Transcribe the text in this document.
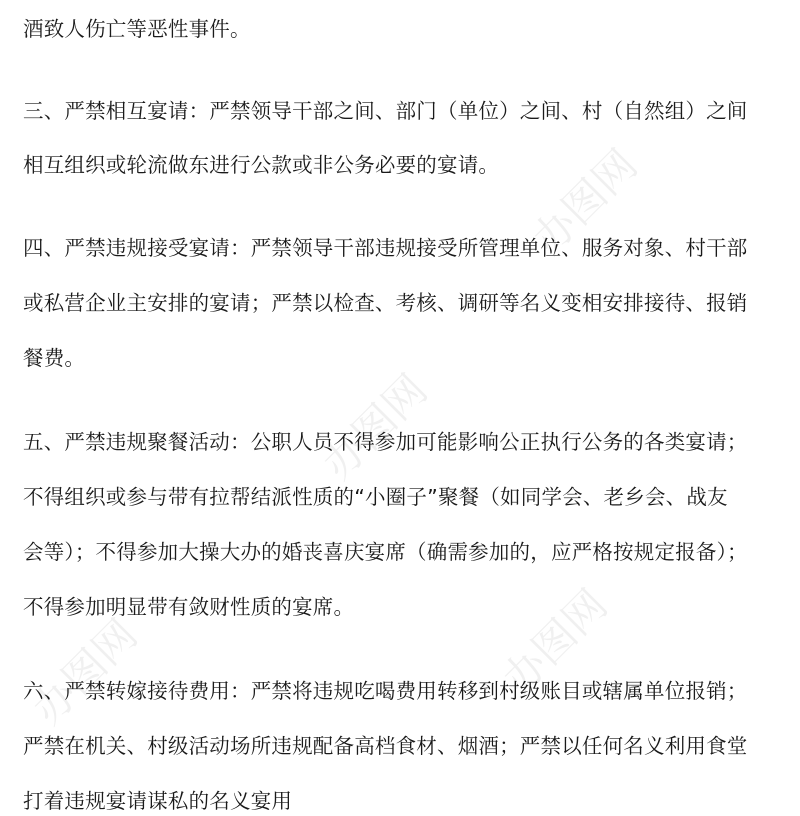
办图网
办图网
办图网
办图网
酒致人伤亡等恶性事件。
三、严禁相互宴请：严禁领导干部之间、部门（单位）之间、村（自然组）之间
相互组织或轮流做东进行公款或非公务必要的宴请。
四、严禁违规接受宴请：严禁领导干部违规接受所管理单位、服务对象、村干部
或私营企业主安排的宴请；严禁以检查、考核、调研等名义变相安排接待、报销
餐费。
五、严禁违规聚餐活动：公职人员不得参加可能影响公正执行公务的各类宴请；
不得组织或参与带有拉帮结派性质的“小圈子”聚餐（如同学会、老乡会、战友
会等）；不得参加大操大办的婚丧喜庆宴席（确需参加的，应严格按规定报备）；
不得参加明显带有敛财性质的宴席。
六、严禁转嫁接待费用：严禁将违规吃喝费用转移到村级账目或辖属单位报销；
严禁在机关、村级活动场所违规配备高档食材、烟酒；严禁以任何名义利用食堂
打着违规宴请谋私的名义宴用
